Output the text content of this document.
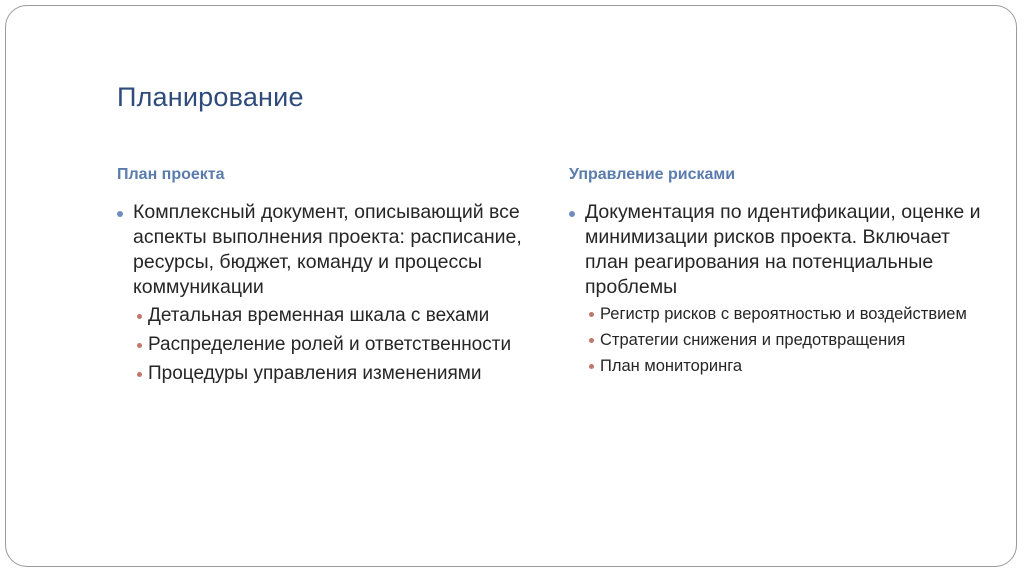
Планирование
План проекта
Комплексный документ, описывающий все аспекты выполнения проекта: расписание, ресурсы, бюджет, команду и процессы коммуникации
Детальная временная шкала с вехами
Распределение ролей и ответственности
Процедуры управления изменениями
Управление рисками
Документация по идентификации, оценке и минимизации рисков проекта. Включает план реагирования на потенциальные проблемы
Регистр рисков с вероятностью и воздействием
Стратегии снижения и предотвращения
План мониторинга
